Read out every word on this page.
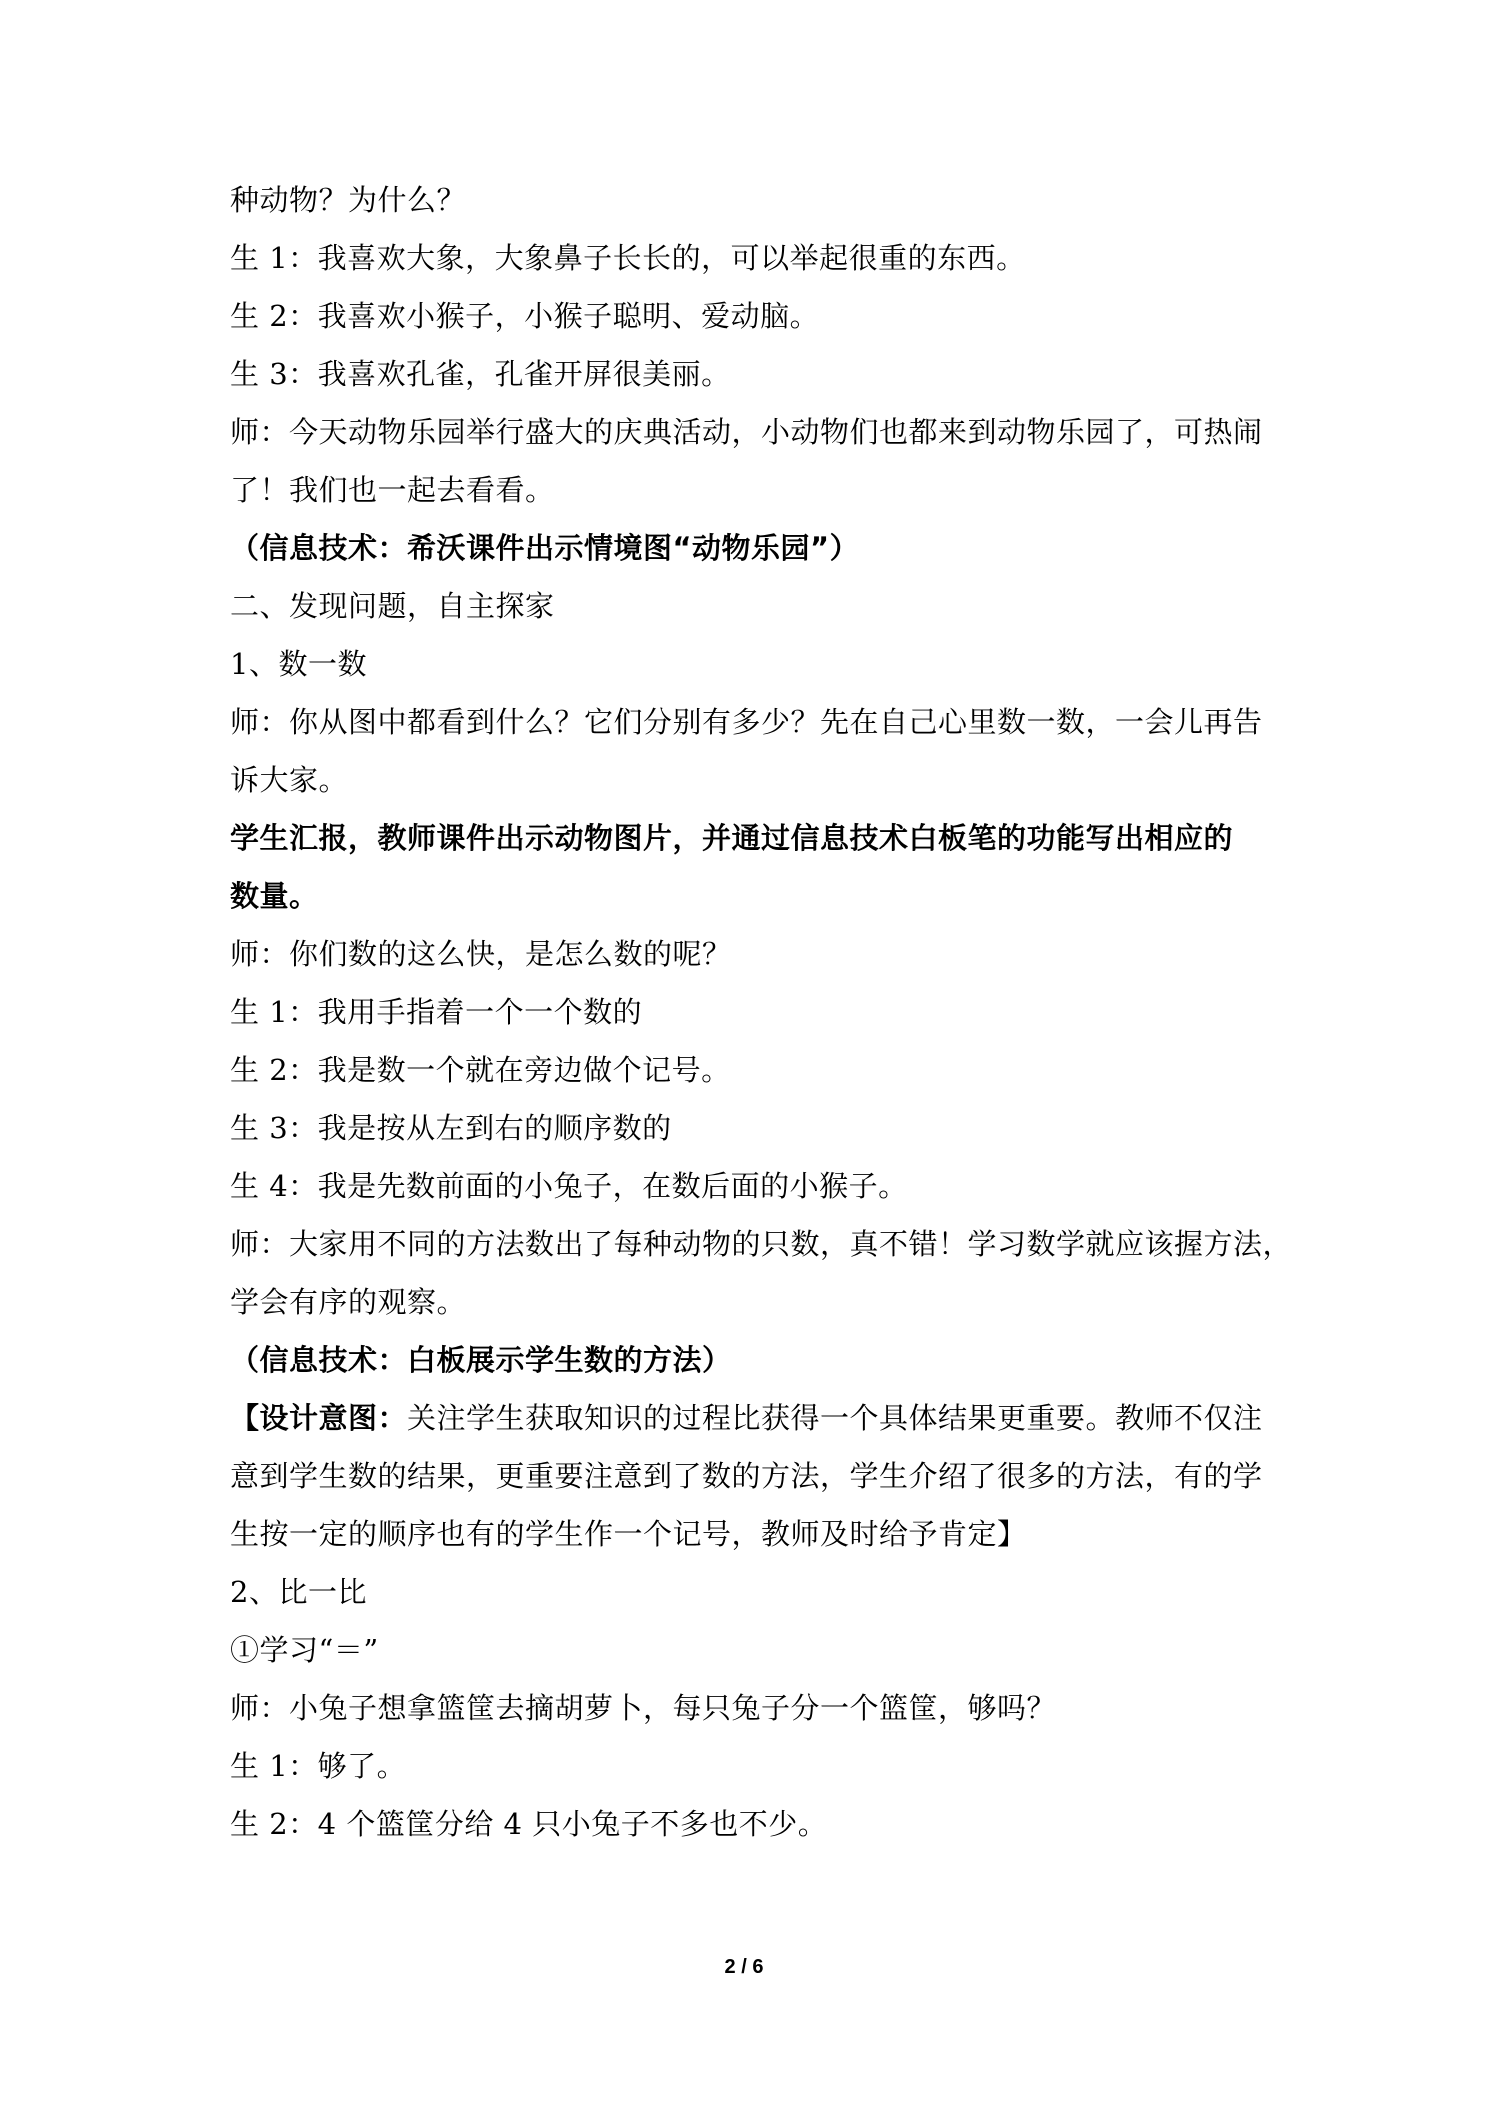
种动物？为什么？
生 1：我喜欢大象，大象鼻子长长的，可以举起很重的东西。
生 2：我喜欢小猴子，小猴子聪明、爱动脑。
生 3：我喜欢孔雀，孔雀开屏很美丽。
师：今天动物乐园举行盛大的庆典活动，小动物们也都来到动物乐园了，可热闹
了！我们也一起去看看。
（信息技术：希沃课件出示情境图“动物乐园”）
二、发现问题，自主探家
1、数一数
师：你从图中都看到什么？它们分别有多少？先在自己心里数一数，一会儿再告
诉大家。
学生汇报，教师课件出示动物图片，并通过信息技术白板笔的功能写出相应的
数量。
师：你们数的这么快，是怎么数的呢？
生 1：我用手指着一个一个数的
生 2：我是数一个就在旁边做个记号。
生 3：我是按从左到右的顺序数的
生 4：我是先数前面的小兔子，在数后面的小猴子。
师：大家用不同的方法数出了每种动物的只数，真不错！学习数学就应该握方法，
学会有序的观察。
（信息技术：白板展示学生数的方法）
【设计意图：关注学生获取知识的过程比获得一个具体结果更重要。教师不仅注
意到学生数的结果，更重要注意到了数的方法，学生介绍了很多的方法，有的学
生按一定的顺序也有的学生作一个记号，教师及时给予肯定】
2、比一比
①学习“＝”
师：小兔子想拿篮筐去摘胡萝卜，每只兔子分一个篮筐，够吗？
生 1：够了。
生 2：4 个篮筐分给 4 只小兔子不多也不少。
2 / 6
